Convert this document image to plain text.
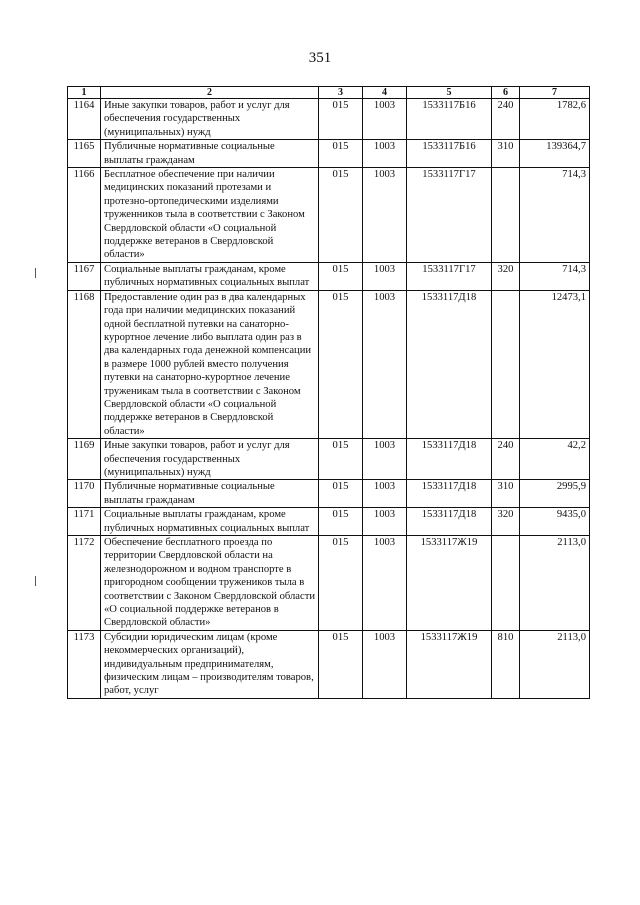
351
1	2	3	4	5	6	7
1164	Иные закупки товаров, работ и услуг для обеспечения государственных (муниципальных) нужд	015	1003	1533117Б16	240	1782,6
1165	Публичные нормативные социальные выплаты гражданам	015	1003	1533117Б16	310	139364,7
1166	Бесплатное обеспечение при наличии медицинских показаний протезами и протезно-ортопедическими изделиями труженников тыла в соответствии с Законом Свердловской области «О социальной поддержке ветеранов в Свердловской области»	015	1003	1533117Г17		714,3
1167	Социальные выплаты гражданам, кроме публичных нормативных социальных выплат	015	1003	1533117Г17	320	714,3
1168	Предоставление один раз в два календарных года при наличии медицинских показаний одной бесплатной путевки на санаторно-курортное лечение либо выплата один раз в два календарных года денежной компенсации в размере 1000 рублей вместо получения путевки на санаторно-курортное лечение труженикам тыла в соответствии с Законом Свердловской области «О социальной поддержке ветеранов в Свердловской области»	015	1003	1533117Д18		12473,1
1169	Иные закупки товаров, работ и услуг для обеспечения государственных (муниципальных) нужд	015	1003	1533117Д18	240	42,2
1170	Публичные нормативные социальные выплаты гражданам	015	1003	1533117Д18	310	2995,9
1171	Социальные выплаты гражданам, кроме публичных нормативных социальных выплат	015	1003	1533117Д18	320	9435,0
1172	Обеспечение бесплатного проезда по территории Свердловской области на железнодорожном и водном транспорте в пригородном сообщении тружеников тыла в соответствии с Законом Свердловской области «О социальной поддержке ветеранов в Свердловской области»	015	1003	1533117Ж19		2113,0
1173	Субсидии юридическим лицам (кроме некоммерческих организаций), индивидуальным предпринимателям, физическим лицам – производителям товаров, работ, услуг	015	1003	1533117Ж19	810	2113,0
